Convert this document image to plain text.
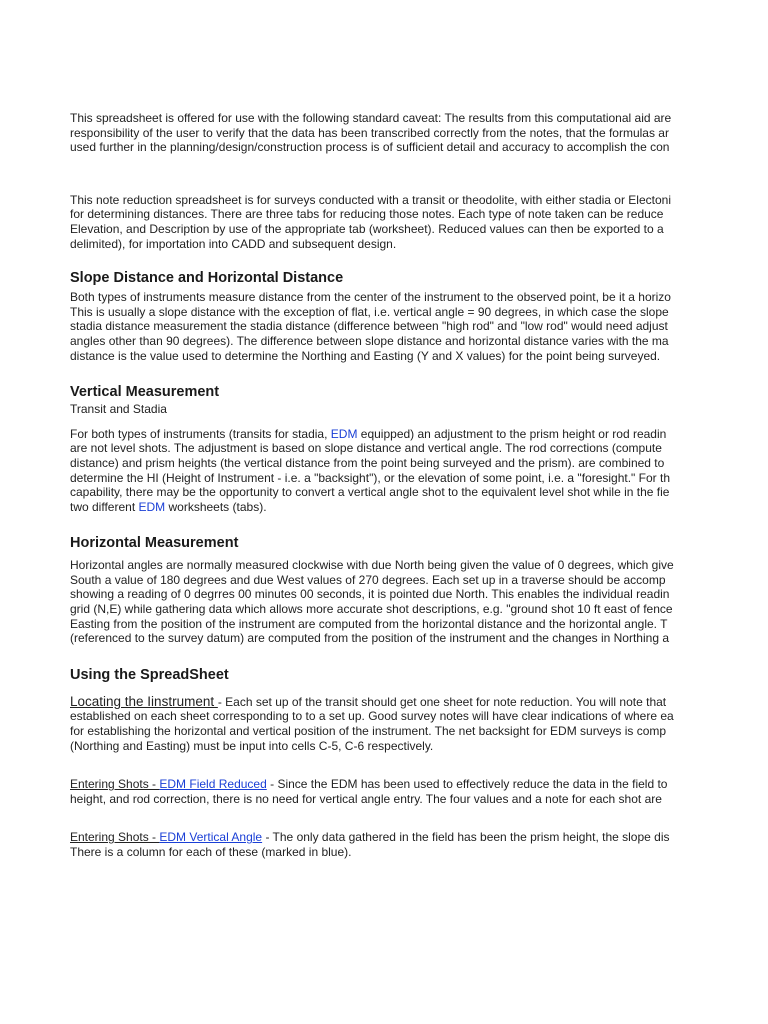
This spreadsheet is offered for use with the following standard caveat: The results from this computational aid are
responsibility of the user to verify that the data has been transcribed correctly from the notes, that the formulas ar
used further in the planning/design/construction process is of sufficient detail and accuracy to accomplish the con
This note reduction spreadsheet is for surveys conducted with a transit or theodolite, with either stadia or Electoni
for determining distances. There are three tabs for reducing those notes. Each type of note taken can be reduce
Elevation, and Description by use of the appropriate tab (worksheet). Reduced values can then be exported to a
delimited), for importation into CADD and subsequent design.
Slope Distance and Horizontal Distance
Both types of instruments measure distance from the center of the instrument to the observed point, be it a horizo
This is usually a slope distance with the exception of flat, i.e. vertical angle = 90 degrees, in which case the slope
stadia distance measurement the stadia distance (difference between "high rod" and "low rod" would need adjust
angles other than 90 degrees). The difference between slope distance and horizontal distance varies with the ma
distance is the value used to determine the Northing and Easting (Y and X values) for the point being surveyed.
Vertical Measurement
Transit and Stadia
For both types of instruments (transits for stadia, EDM equipped) an adjustment to the prism height or rod readin
are not level shots. The adjustment is based on slope distance and vertical angle. The rod corrections (compute
distance) and prism heights (the vertical distance from the point being surveyed and the prism). are combined to
determine the HI (Height of Instrument - i.e. a "backsight"), or the elevation of some point, i.e. a "foresight." For th
capability, there may be the opportunity to convert a vertical angle shot to the equivalent level shot while in the fie
two different EDM worksheets (tabs).
Horizontal Measurement
Horizontal angles are normally measured clockwise with due North being given the value of 0 degrees, which give
South a value of 180 degrees and due West values of 270 degrees. Each set up in a traverse should be accomp
showing a reading of 0 degrres 00 minutes 00 seconds, it is pointed due North. This enables the individual readin
grid (N,E) while gathering data which allows more accurate shot descriptions, e.g. "ground shot 10 ft east of fence
Easting from the position of the instrument are computed from the horizontal distance and the horizontal angle. T
(referenced to the survey datum) are computed from the position of the instrument and the changes in Northing a
Using the SpreadSheet
Locating the Iinstrument - Each set up of the transit should get one sheet for note reduction. You will note that
established on each sheet corresponding to to a set up. Good survey notes will have clear indications of where ea
for establishing the horizontal and vertical position of the instrument. The net backsight for EDM surveys is comp
(Northing and Easting) must be input into cells C-5, C-6 respectively.
Entering Shots - EDM Field Reduced - Since the EDM has been used to effectively reduce the data in the field to
height, and rod correction, there is no need for vertical angle entry. The four values and a note for each shot are
Entering Shots - EDM Vertical Angle - The only data gathered in the field has been the prism height, the slope dis
There is a column for each of these (marked in blue).
